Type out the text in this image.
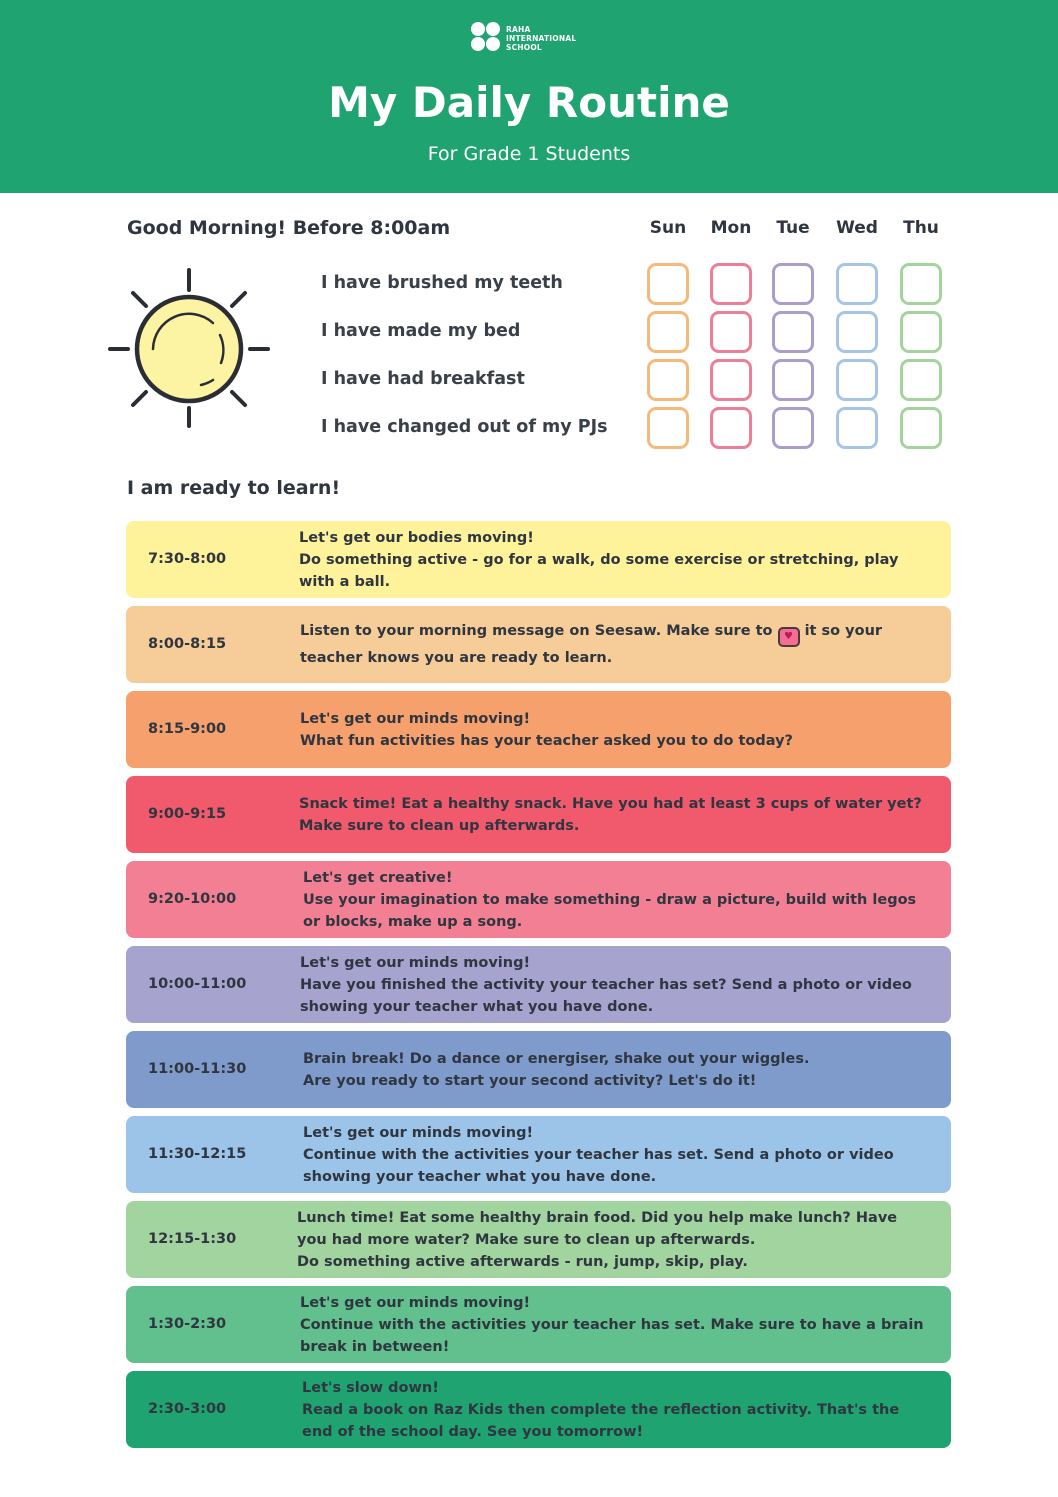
RAHA
INTERNATIONAL
SCHOOL
My Daily Routine
For Grade 1 Students
Good Morning! Before 8:00am	Sun	Mon	Tue	Wed	Thu
I have brushed my teeth
I have made my bed
I have had breakfast
I have changed out of my PJs
I am ready to learn!
7:30-8:00
Let's get our bodies moving!
Do something active - go for a walk, do some exercise or stretching, play
with a ball.
8:00-8:15
Listen to your morning message on Seesaw. Make sure to ♥ it so your
teacher knows you are ready to learn.
8:15-9:00
Let's get our minds moving!
What fun activities has your teacher asked you to do today?
9:00-9:15
Snack time! Eat a healthy snack. Have you had at least 3 cups of water yet?
Make sure to clean up afterwards.
9:20-10:00
Let's get creative!
Use your imagination to make something - draw a picture, build with legos
or blocks, make up a song.
10:00-11:00
Let's get our minds moving!
Have you finished the activity your teacher has set? Send a photo or video
showing your teacher what you have done.
11:00-11:30
Brain break! Do a dance or energiser, shake out your wiggles.
Are you ready to start your second activity? Let's do it!
11:30-12:15
Let's get our minds moving!
Continue with the activities your teacher has set. Send a photo or video
showing your teacher what you have done.
12:15-1:30
Lunch time! Eat some healthy brain food. Did you help make lunch? Have
you had more water? Make sure to clean up afterwards.
Do something active afterwards - run, jump, skip, play.
1:30-2:30
Let's get our minds moving!
Continue with the activities your teacher has set. Make sure to have a brain
break in between!
2:30-3:00
Let's slow down!
Read a book on Raz Kids then complete the reflection activity. That's the
end of the school day. See you tomorrow!
